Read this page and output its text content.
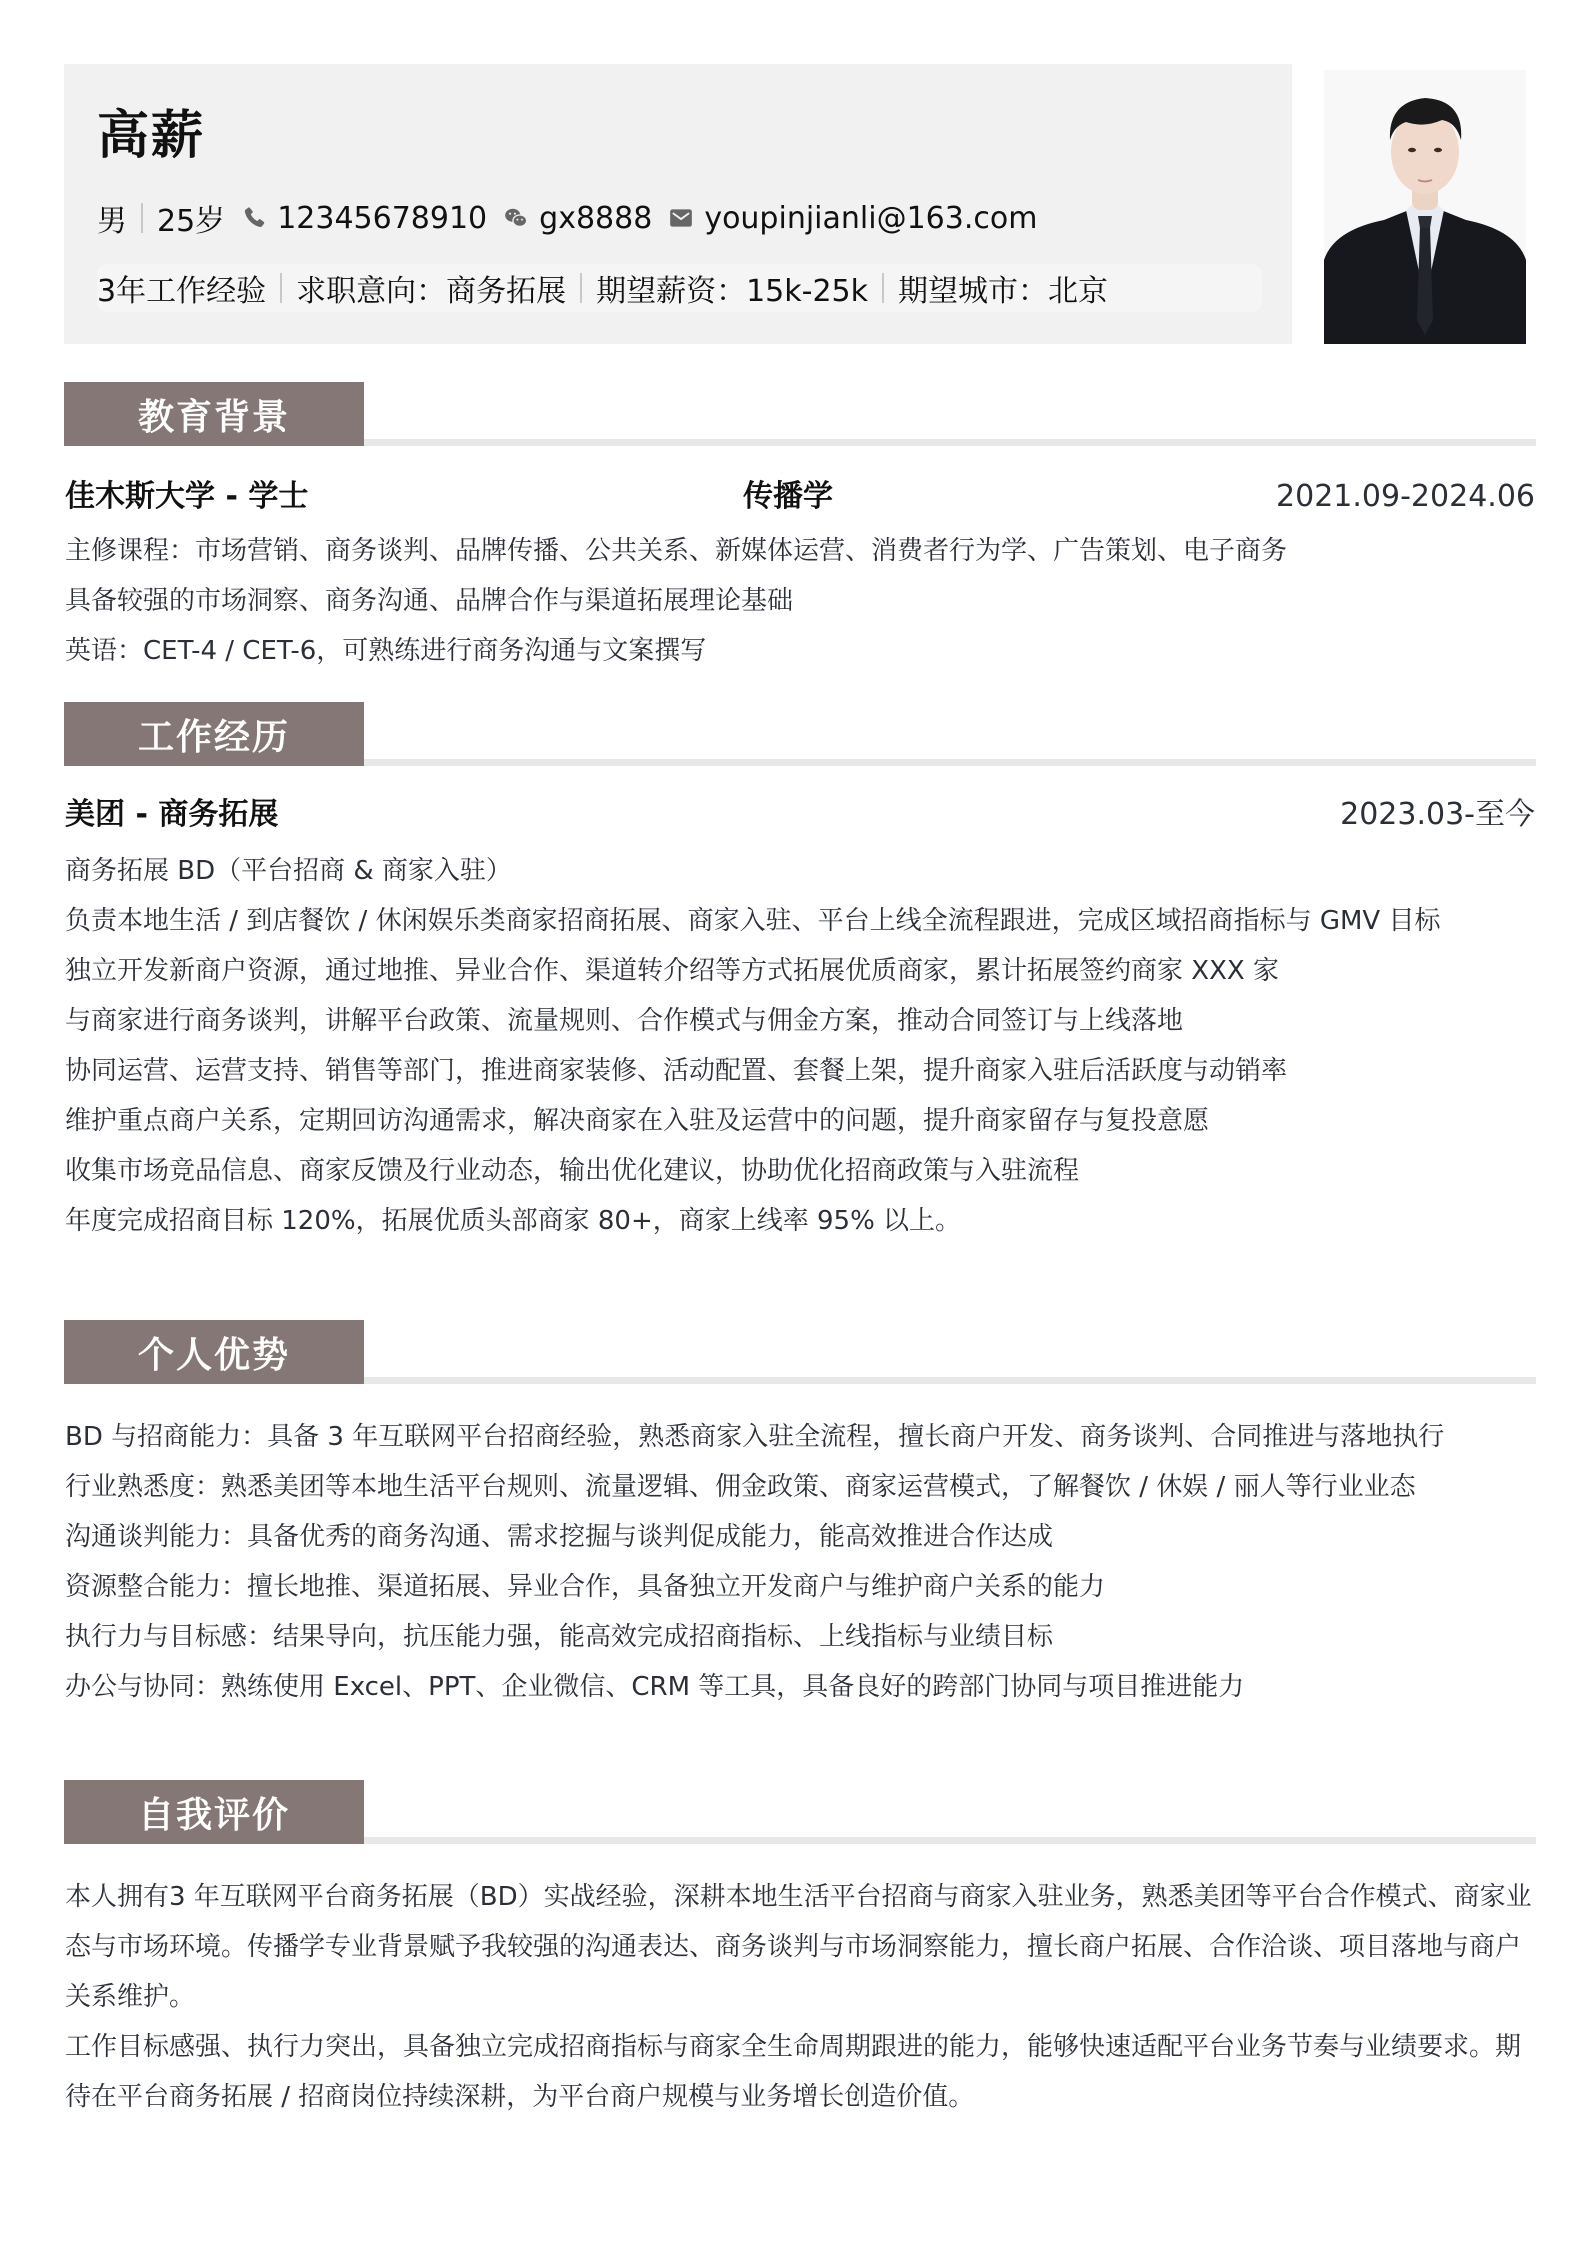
高薪
男 25岁 12345678910 gx8888 youpinjianli@163.com
3年工作经验 求职意向：商务拓展 期望薪资：15k-25k 期望城市：北京
教育背景
佳木斯大学 - 学士	传播学	2021.09-2024.06

主修课程：市场营销、商务谈判、品牌传播、公共关系、新媒体运营、消费者行为学、广告策划、电子商务

具备较强的市场洞察、商务沟通、品牌合作与渠道拓展理论基础

英语：CET-4 / CET-6，可熟练进行商务沟通与文案撰写

工作经历
美团 - 商务拓展	2023.03-至今

商务拓展 BD（平台招商 & 商家入驻）

负责本地生活 / 到店餐饮 / 休闲娱乐类商家招商拓展、商家入驻、平台上线全流程跟进，完成区域招商指标与 GMV 目标

独立开发新商户资源，通过地推、异业合作、渠道转介绍等方式拓展优质商家，累计拓展签约商家 XXX 家

与商家进行商务谈判，讲解平台政策、流量规则、合作模式与佣金方案，推动合同签订与上线落地

协同运营、运营支持、销售等部门，推进商家装修、活动配置、套餐上架，提升商家入驻后活跃度与动销率

维护重点商户关系，定期回访沟通需求，解决商家在入驻及运营中的问题，提升商家留存与复投意愿

收集市场竞品信息、商家反馈及行业动态，输出优化建议，协助优化招商政策与入驻流程

年度完成招商目标 120%，拓展优质头部商家 80+，商家上线率 95% 以上。

个人优势

BD 与招商能力：具备 3 年互联网平台招商经验，熟悉商家入驻全流程，擅长商户开发、商务谈判、合同推进与落地执行

行业熟悉度：熟悉美团等本地生活平台规则、流量逻辑、佣金政策、商家运营模式，了解餐饮 / 休娱 / 丽人等行业业态

沟通谈判能力：具备优秀的商务沟通、需求挖掘与谈判促成能力，能高效推进合作达成

资源整合能力：擅长地推、渠道拓展、异业合作，具备独立开发商户与维护商户关系的能力

执行力与目标感：结果导向，抗压能力强，能高效完成招商指标、上线指标与业绩目标

办公与协同：熟练使用 Excel、PPT、企业微信、CRM 等工具，具备良好的跨部门协同与项目推进能力

自我评价

本人拥有3 年互联网平台商务拓展（BD）实战经验，深耕本地生活平台招商与商家入驻业务，熟悉美团等平台合作模式、商家业态与市场环境。传播学专业背景赋予我较强的沟通表达、商务谈判与市场洞察能力，擅长商户拓展、合作洽谈、项目落地与商户关系维护。

工作目标感强、执行力突出，具备独立完成招商指标与商家全生命周期跟进的能力，能够快速适配平台业务节奏与业绩要求。期待在平台商务拓展 / 招商岗位持续深耕，为平台商户规模与业务增长创造价值。
